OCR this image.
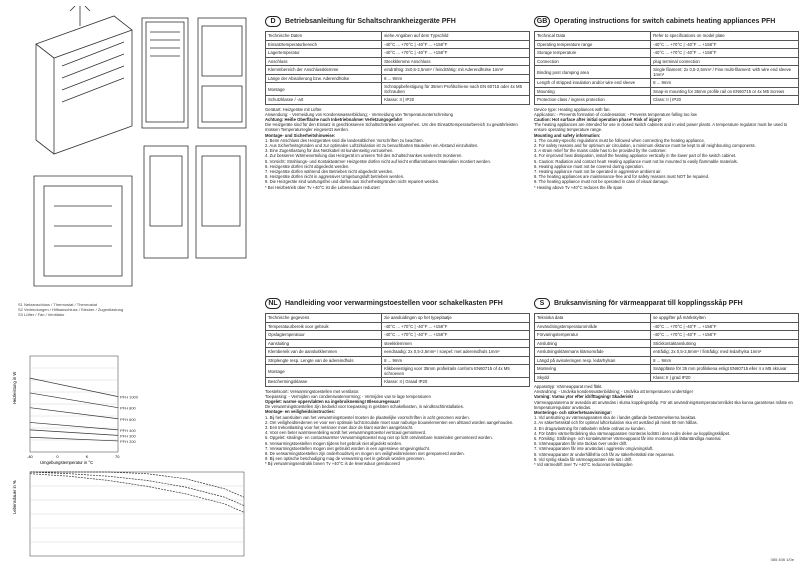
S1 Netzanschluss / Thermostat / Thermostat
S2 Verbindungen / Hilfsanschluss / Stecker / Zugentlastung
S3 Lüfter / Fan / Ventilator
PFH 1000
PFH 800
PFH 600
PFH 400
PFH 300
PFH 200
-40	0	K	70
Umgebungstemperatur in °C
Heizleistung in W
Lebensdauer in %
D	Betriebsanleitung für Schaltschrankheizgeräte PFH
Technische Daten	siehe Angaben auf dem Typschild
Einsatztemperaturbereich	-40°C ... +70°C | -40°F ... +158°F
Lagertemperatur	-40°C ... +70°C | -40°F ... +158°F
Anschluss	Steckklemme Anschluss
Klemmbereich der Anschlussklemme	eindrähtig: 2x0,5-2,5mm² / feindrähtig: mit Aderendhülse 1mm²
Länge der Abisolierung bzw. Aderendhülse	8 ... 9mm
Montage	Schnappbefestigung für 35mm Profilschiene nach EN 60715 oder 4x M5 Schrauben
Schutzklasse / -art	Klasse: II | IP20

Gerätart: Heizgeräte mit Lüfter.

Anwendung: - Vermeidung von Kondenswasserbildung; - Vermeidung von Temperaturunterschreitung

Achtung: Heiße Oberfläche nach Inbetriebnahme! Verletzungsgefahr!

Die Heizgeräte sind für den Einsatz in geschlossenen Schaltschränken vorgesehen. Um den Einsatztemperaturbereich zu gewährleisten müssen Temperaturregler eingesetzt werden.

Montage- und Sicherheitshinweise:

1. Beim Anschluss des Heizgerätes sind die landesüblichen Vorschriften zu beachten.

2. Aus Sicherheitsgründen und zur optimalen Luftzirkulation ist zu benachbarten Bauteilen ein Abstand einzuhalten.

3. Eine Zugentlastung für das Netzkabel ist kundenseitig vorzusehen.

4. Zur besseren Wärmeverteilung das Heizgerät im unteren Teil des Schaltschrankes senkrecht montieren.

5. Vorsicht: Strahlungs- und Kontaktwärme! Heizgeräte dürfen nicht auf leicht entflammbaren Materialien montiert werden.

6. Heizgeräte dürfen nicht abgedeckt werden.

7. Heizgeräte dürfen während des Betriebes nicht abgedeckt werden.

8. Heizgeräte dürfen nicht in aggressiver Umgebungsluft betrieben werden.

9. Die Heizgeräte sind wartungsfrei und dürfen aus Sicherheitsgründen nicht repariert werden.

* Bei Heizbetrieb über Tv +40°C ist die Lebensdauer reduziert

GB Operating instructions for switch cabinets heating appliances PFH
Technical Data	Refer to specifications on model plate
Operating temperature range	-40°C ... +70°C | -40°F ... +158°F
Storage temperature	-40°C ... +70°C | -40°F ... +158°F
Connection	plug terminal connection
Binding post clamping area	Single filament: 2x 0,5-2,5mm² / Fine multi-filament: with wire end sleeve 1mm²
Length of stripped insulation and/or wire end sleeve	8 ... 9mm
Mounting	Snap-in mounting for 35mm profile rail on EN60715 or 4x M5 Screws
Protection class / ingress protection	Class: II | IP20

Device type: Heating appliances with fan.

Application: - Prevents formation of condensation; - Prevents temperature falling too low

Caution: Hot surface after initial operation phase! Risk of injury!

The heating appliances are intended for use in closed switch cabinets and in wind power plants. A temperature regulator must be used to ensure operating temperature range.

Mounting and safety information:

1. The country-specific regulations must be followed when connecting the heating appliance.

2. For safety reasons and for optimum air circulation, a minimum distance must be kept to all neighbouring components.

3. A strain relief for the mains cable has to be provided by the customer.

4. For improved heat dissipation, install the heating appliance vertically in the lower part of the switch cabinet.

5. Caution: Radiation and contact heat! Heating appliance must not be mounted to easily flammable materials.

6. Heating appliance must not be covered during operation.

7. Heating appliance must not be operated in aggressive ambient air.

8. The heating appliances are maintenance-free and for safety reasons must NOT be repaired.

9. The heating appliance must not be operated in case of visual damage.

* Heating above Tv +40°C reduces the life span

NL	Handleiding voor verwarmingstoestellen voor schakelkasten PFH
Technische gegevens	zie aanduidingen op het typeplaatje
Temperatuurbereik voor gebruik	-40°C ... +70°C | -40°F ... +158°F
Opslagtemperatuur	-40°C ... +70°C | -40°F ... +158°F
Aansluiting	steekklemmen
Klembereik van de aansluitklemmen	eendraadig: 2x 0,5-2,5mm² / soepel: met adereindhuls 1mm²
Striplengte resp. Lengte van de adereindhuls	8 ... 9mm
Montage	Klikbevestiging voor 35mm profielrails conform EN60715 of 4x M5 schroeven
Beschermingsklasse	Klasse: II | Graad IP20

Toestelsoort: Verwarmingstoestellen met ventilator.

Toepassing: - Vermijden van condenswatervorming; - Vermijden van te lage temperaturen

Opgelet: warme oppervlakten na ingebruikneming! Blessuregevaar!

De verwarmingstoestellen zijn bedoeld voor toepassing in gesloten schakelkasten, in windkrachtinstallaties.

Montage- en veiligheidsinstructies:

1. Bij het aansluiten van het verwarmingstoestel moeten de plaatselijke voorschriften in acht genomen worden.

2. Om veiligheidsredenen en voor een optimale luchtcirculatie moet naar naburige bouwelementen een afstand worden aangehouden.

3. Een trekontlasting voor het netsnoer moet door de klant worden aangebracht.

4. Voor een beter warmteverdeling wordt het verwarmingstoestel verticaal gemonteerd.

5. Opgelet: stralings- en contactwarmte! Verwarmingstoestel mag niet op licht ontvlambare materialen gemonteerd worden.

6. Verwarmingstoestellen mogen tijdens het gebruik niet afgedekt worden.

7. Verwarmingstoestellen mogen niet gebruikt worden in een agressieve omgevingslucht.

8. De verwarmingstoestellen zijn onderhoudsvrij en mogen om veiligheidsredenen niet gerepareerd worden.

9. Bij een optische beschadiging mag de verwarming niet in gebruik worden genomen.

* Bij verwarmingsendrukk boven Tv +40°C is de levensduur gereduceerd

S	Bruksanvisning för värmeapparat till kopplingsskåp PFH
Tekniska data	se uppgifter på märkskylten
Användningstemperaturområde	-40°C ... +70°C | -40°F ... +158°F
Förvaringstemperatur	-40°C ... +70°C | -40°F ... +158°F
Anslutning	Stickkontaktanslutning
Anslutningsklämmans klämområde	entrådig: 2x 0,5-2,5mm² / fintrådig: med ledarhylsa 1mm²
Längd på avisoleringen resp. ledarhylsan	8 ... 9mm
Montering	Snäppfäste för 35 mm profilskena enligt EN60715 eller 4 x M5 skruvar
Skydd	Klass: II | grad IP20

Apparattyp: Värmeapparat med fläkt.

Användning: - Undvika kondensvattenbildning; - Undvika att temperaturen understiger

Varning: Varma ytor efter idrifttagning! Skaderisk!

Värmeapparaterna är avsedda att användas i slutna kopplingsskåp. För att användningstemperaturområdet ska kunna garanteras måste en temperaturregulator användas.

Monterings- och säkerhetsanvisningar:

1. Vid anslutning av värmeapparaten ska de i landet gällande bestämmelserna beaktas.

2. Av säkerhetsskäl och för optimal luftcirkulation ska ett avstånd på minst 50 mm hållas.

3. En dragavlastning för nätkabeln måste ordnas av kunden.

4. För bättre värmefördelning ska värmeapparaten monteras lodrätt i den nedre delen av kopplingsskåpet.

5. Försiktig: Strålnings- och kontaktvärme! Värmeapparat får inte monteras på lättantändliga material.

6. Värmeapparaten får inte täckas över under drift.

7. Värmeapparaten får inte användas i aggressiv omgivningsluft.

8. Värmeapparater är underhållsfria och får av säkerhetsskäl inte repareras.

9. Vid synlig skada får värmeapparaten inte tas i drift.

* Vid värmedrift över Tv +40°C reduceras livslängden

085 406 1/0e
